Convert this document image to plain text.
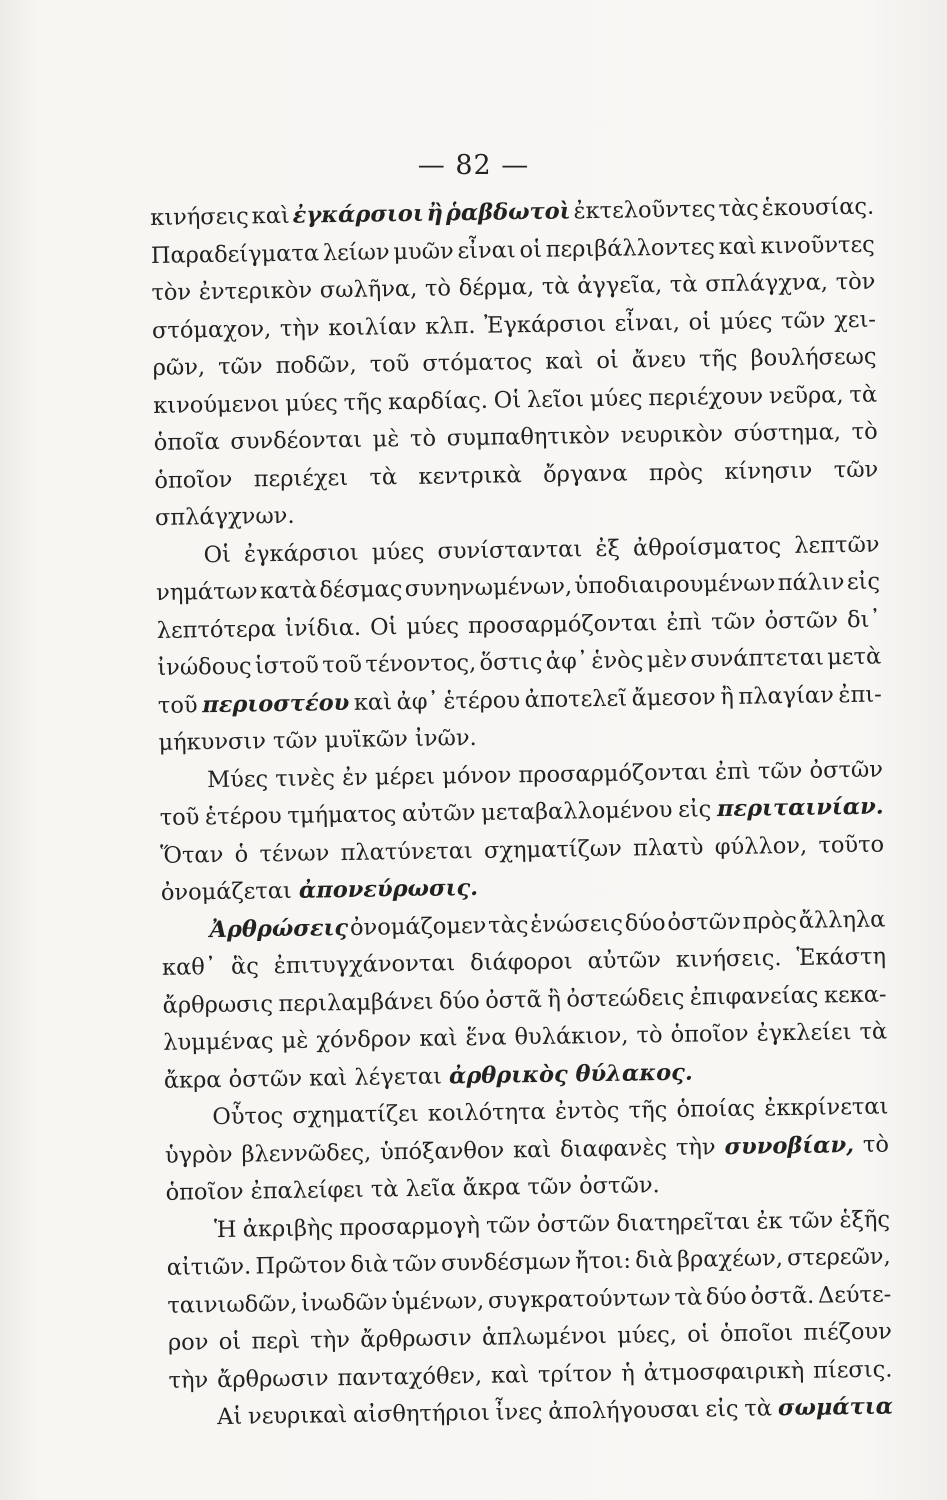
— 82 —
κινήσεις καὶ ἐγκάρσιοι ἢ ῥαβδωτοὶ ἐκτελοῦντες τὰς ἑκουσίας.
Παραδείγματα λείων μυῶν εἶναι οἱ περιβάλλοντες καὶ κινοῦντες
τὸν ἐντερικὸν σωλῆνα, τὸ δέρμα, τὰ ἀγγεῖα, τὰ σπλάγχνα, τὸν
στόμαχον, τὴν κοιλίαν κλπ. Ἐγκάρσιοι εἶναι, οἱ μύες τῶν χει-
ρῶν, τῶν ποδῶν, τοῦ στόματος καὶ οἱ ἄνευ τῆς βουλήσεως
κινούμενοι μύες τῆς καρδίας. Οἱ λεῖοι μύες περιέχουν νεῦρα, τὰ
ὁποῖα συνδέονται μὲ τὸ συμπαθητικὸν νευρικὸν σύστημα, τὸ
ὁποῖον περιέχει τὰ κεντρικὰ ὄργανα πρὸς κίνησιν τῶν
σπλάγχνων.
Οἱ ἐγκάρσιοι μύες συνίστανται ἐξ ἀθροίσματος λεπτῶν
νημάτων κατὰ δέσμας συνηνωμένων, ὑποδιαιρουμένων πάλιν εἰς
λεπτότερα ἰνίδια. Οἱ μύες προσαρμόζονται ἐπὶ τῶν ὀστῶν δι᾽
ἰνώδους ἱστοῦ τοῦ τένοντος, ὅστις ἀφ᾽ ἑνὸς μὲν συνάπτεται μετὰ
τοῦ περιοστέου καὶ ἀφ᾽ ἑτέρου ἀποτελεῖ ἄμεσον ἢ πλαγίαν ἐπι-
μήκυνσιν τῶν μυϊκῶν ἰνῶν.
Μύες τινὲς ἐν μέρει μόνον προσαρμόζονται ἐπὶ τῶν ὀστῶν
τοῦ ἑτέρου τμήματος αὐτῶν μεταβαλλομένου εἰς περιταινίαν.
Ὅταν ὁ τένων πλατύνεται σχηματίζων πλατὺ φύλλον, τοῦτο
ὀνομάζεται ἀπονεύρωσις.
Ἀρθρώσεις ὀνομάζομεν τὰς ἑνώσεις δύο ὀστῶν πρὸς ἄλληλα
καθ᾽ ἃς ἐπιτυγχάνονται διάφοροι αὐτῶν κινήσεις. Ἑκάστη
ἄρθρωσις περιλαμβάνει δύο ὀστᾶ ἢ ὀστεώδεις ἐπιφανείας κεκα-
λυμμένας μὲ χόνδρον καὶ ἕνα θυλάκιον, τὸ ὁποῖον ἐγκλείει τὰ
ἄκρα ὀστῶν καὶ λέγεται ἀρθρικὸς θύλακος.
Οὗτος σχηματίζει κοιλότητα ἐντὸς τῆς ὁποίας ἐκκρίνεται
ὑγρὸν βλεννῶδες, ὑπόξανθον καὶ διαφανὲς τὴν συνοβίαν, τὸ
ὁποῖον ἐπαλείφει τὰ λεῖα ἄκρα τῶν ὀστῶν.
Ἡ ἀκριβὴς προσαρμογὴ τῶν ὀστῶν διατηρεῖται ἐκ τῶν ἑξῆς
αἰτιῶν. Πρῶτον διὰ τῶν συνδέσμων ἤτοι: διὰ βραχέων, στερεῶν,
ταινιωδῶν, ἰνωδῶν ὑμένων, συγκρατούντων τὰ δύο ὀστᾶ. Δεύτε-
ρον οἱ περὶ τὴν ἄρθρωσιν ἁπλωμένοι μύες, οἱ ὁποῖοι πιέζουν
τὴν ἄρθρωσιν πανταχόθεν, καὶ τρίτον ἡ ἀτμοσφαιρικὴ πίεσις.
Αἱ νευρικαὶ αἰσθητήριοι ἶνες ἀπολήγουσαι εἰς τὰ σωμάτια
